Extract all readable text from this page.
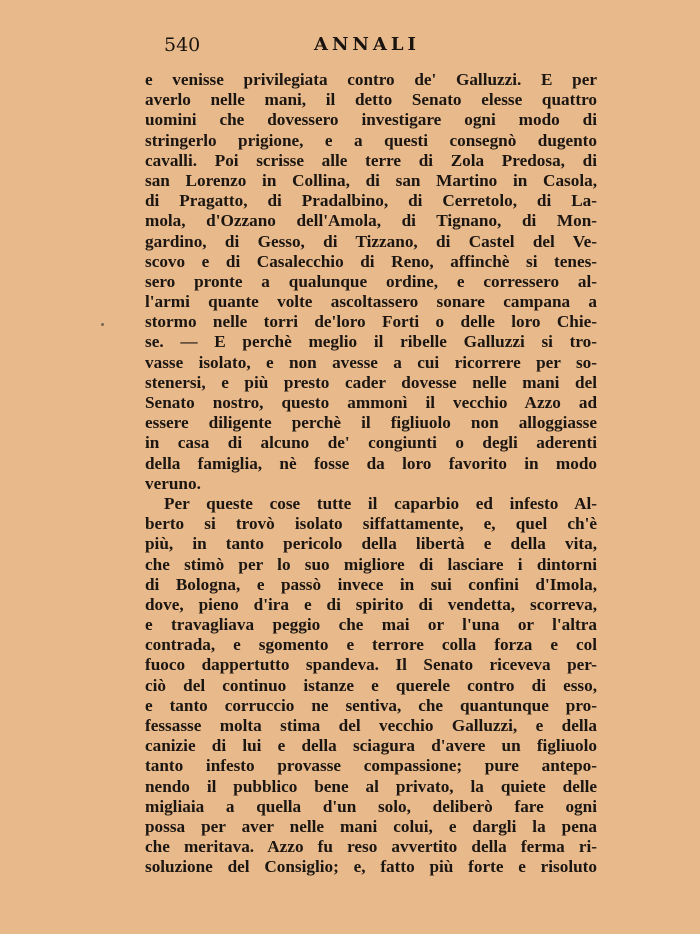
540	ANNALI
e venisse privilegiata contro de' Galluzzi. E per
averlo nelle mani, il detto Senato elesse quattro
uomini che dovessero investigare ogni modo di
stringerlo prigione, e a questi consegnò dugento
cavalli. Poi scrisse alle terre di Zola Predosa, di
san Lorenzo in Collina, di san Martino in Casola,
di Pragatto, di Pradalbino, di Cerretolo, di La-
mola, d'Ozzano dell'Amola, di Tignano, di Mon-
gardino, di Gesso, di Tizzano, di Castel del Ve-
scovo e di Casalecchio di Reno, affinchè si tenes-
sero pronte a qualunque ordine, e corressero al-
l'armi quante volte ascoltassero sonare campana a
stormo nelle torri de'loro Forti o delle loro Chie-
se. — E perchè meglio il ribelle Galluzzi si tro-
vasse isolato, e non avesse a cui ricorrere per so-
stenersi, e più presto cader dovesse nelle mani del
Senato nostro, questo ammonì il vecchio Azzo ad
essere diligente perchè il figliuolo non alloggiasse
in casa di alcuno de' congiunti o degli aderenti
della famiglia, nè fosse da loro favorito in modo
veruno.
Per queste cose tutte il caparbio ed infesto Al-
berto si trovò isolato siffattamente, e, quel ch'è
più, in tanto pericolo della libertà e della vita,
che stimò per lo suo migliore di lasciare i dintorni
di Bologna, e passò invece in sui confini d'Imola,
dove, pieno d'ira e di spirito di vendetta, scorreva,
e travagliava peggio che mai or l'una or l'altra
contrada, e sgomento e terrore colla forza e col
fuoco dappertutto spandeva. Il Senato riceveva per-
ciò del continuo istanze e querele contro di esso,
e tanto corruccio ne sentiva, che quantunque pro-
fessasse molta stima del vecchio Galluzzi, e della
canizie di lui e della sciagura d'avere un figliuolo
tanto infesto provasse compassione; pure antepo-
nendo il pubblico bene al privato, la quiete delle
migliaia a quella d'un solo, deliberò fare ogni
possa per aver nelle mani colui, e dargli la pena
che meritava. Azzo fu reso avvertito della ferma ri-
soluzione del Consiglio; e, fatto più forte e risoluto
